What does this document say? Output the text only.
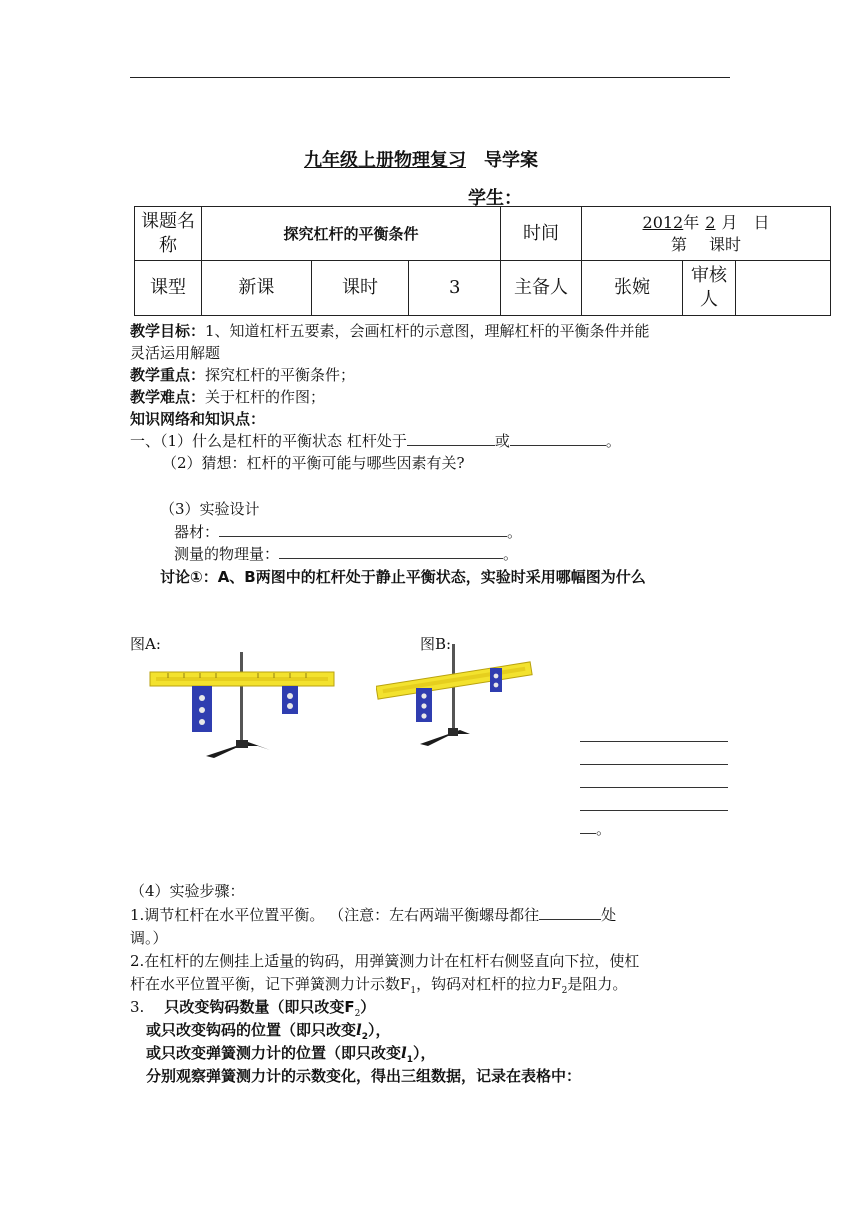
九年级上册物理复习 导学案
学生：
课题名称	探究杠杆的平衡条件			时间	2012年 2 月 日
第 课时	

课型	新课	课时	3	主备人	张婉	审核人
教学目标：1、知道杠杆五要素，会画杠杆的示意图，理解杠杆的平衡条件并能
灵活运用解题
教学重点：探究杠杆的平衡条件；
教学难点：关于杠杆的作图；
知识网络和知识点：
一、（1）什么是杠杆的平衡状态 杠杆处于	或	。
（2）猜想：杠杆的平衡可能与哪些因素有关?
（3）实验设计
器材：	。
测量的物理量：	。
讨论①：A、B两图中的杠杆处于静止平衡状态，实验时采用哪幅图为什么
图A:	图B:
。
（4）实验步骤：
1.调节杠杆在水平位置平衡。 （注意：左右两端平衡螺母都往	处
调。）
2.在杠杆的左侧挂上适量的钩码，用弹簧测力计在杠杆右侧竖直向下拉，使杠
杆在水平位置平衡，记下弹簧测力计示数$F_1$，钩码对杠杆的拉力$F_2$是阻力。
3. 只改变钩码数量（即只改变$F_2$）
或只改变钩码的位置（即只改变$l_2$），
或只改变弹簧测力计的位置（即只改变$l_1$），
分别观察弹簧测力计的示数变化，得出三组数据，记录在表格中：
